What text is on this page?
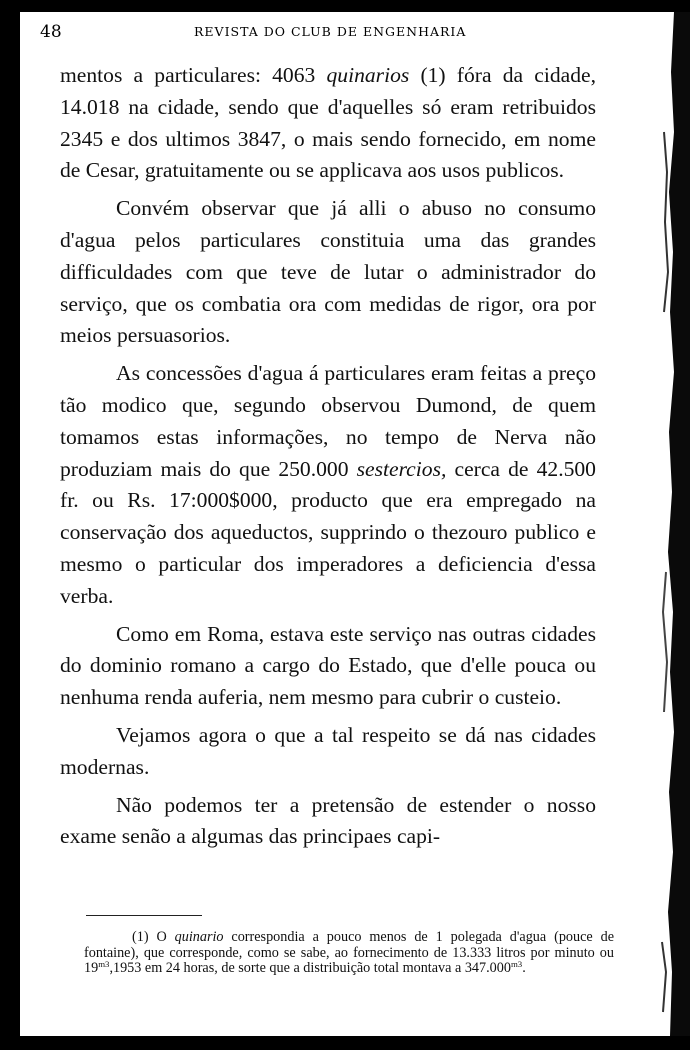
48	REVISTA DO CLUB DE ENGENHARIA

mentos a particulares: 4063 quinarios (1) fóra da cidade, 14.018 na cidade, sendo que d'aquelles só eram retribuidos 2345 e dos ultimos 3847, o mais sendo fornecido, em nome de Cesar, gratuitamente ou se applicava aos usos publicos.

Convém observar que já alli o abuso no consumo d'agua pelos particulares constituia uma das grandes difficuldades com que teve de lutar o administrador do serviço, que os combatia ora com medidas de rigor, ora por meios persuasorios.

As concessões d'agua á particulares eram feitas a preço tão modico que, segundo observou Dumond, de quem tomamos estas informações, no tempo de Nerva não produziam mais do que 250.000 sestercios, cerca de 42.500 fr. ou Rs. 17:000$000, producto que era empregado na conservação dos aqueductos, supprindo o thezouro publico e mesmo o particular dos imperadores a deficiencia d'essa verba.

Como em Roma, estava este serviço nas outras cidades do dominio romano a cargo do Estado, que d'elle pouca ou nenhuma renda auferia, nem mesmo para cubrir o custeio.

Vejamos agora o que a tal respeito se dá nas cidades modernas.

Não podemos ter a pretensão de estender o nosso exame senão a algumas das principaes capi-

(1) O quinario correspondia a pouco menos de 1 polegada d'agua (pouce de fontaine), que corresponde, como se sabe, ao fornecimento de 13.333 litros por minuto ou $19^{m3},1953$ em 24 horas, de sorte que a distribuição total montava a $347.000^{m3}$.
